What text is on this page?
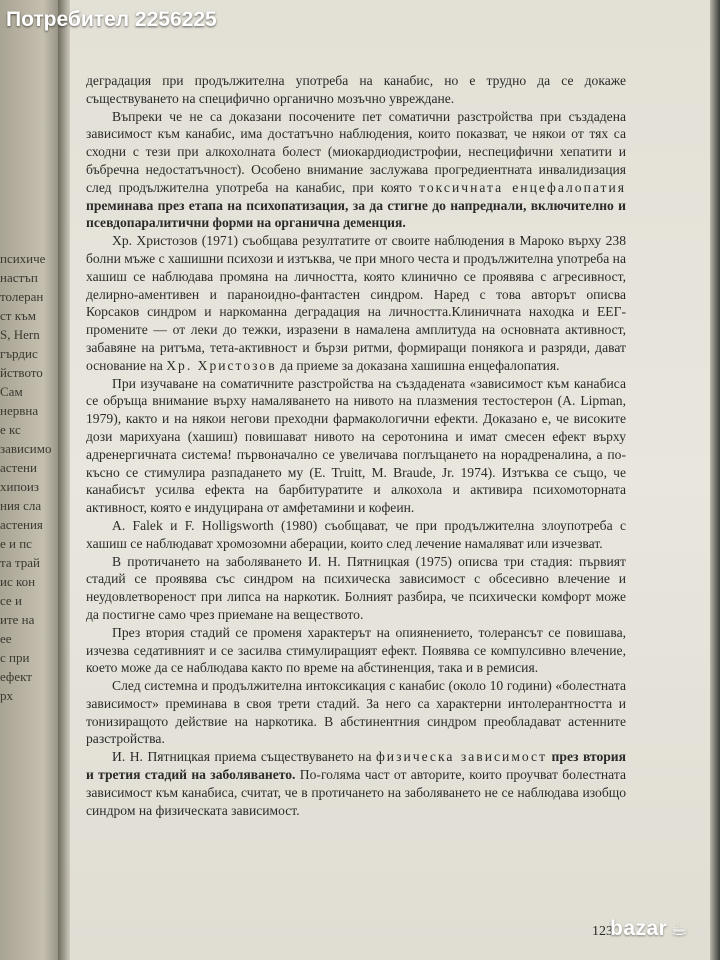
психиче
настъп
толеран
ст към
S, Hern
гърдис
йството
Сам
нервна
е кс
зависимо
астени
хипоиз
ния сла
астения
е и пс
та трай
ис кон
се и
ите на
ее
с при
ефект
рх
Потребител 2256225

деградация при продължителна употреба на канабис, но е трудно да се докаже съществуването на специфично органично мозъчно увреждане.

Въпреки че не са доказани посочените пет соматични разстройства при създадена зависимост към канабис, има достатъчно наблюдения, които показват, че някои от тях са сходни с тези при алкохолната болест (миокардиодистрофии, неспецифични хепатити и бъбречна недостатъчност). Особено внимание заслужава прогредиентната инвалидизация след продължителна употреба на канабис, при която токсичната енцефалопатия преминава през етапа на психопатизация, за да стигне до напреднали, включително и псевдопаралитични форми на органична деменция.

Хр. Христозов (1971) съобщава резултатите от своите наблюдения в Мароко върху 238 болни мъже с хашишни психози и изтъква, че при много честа и продължителна употреба на хашиш се наблюдава промяна на личността, която клинично се проявява с агресивност, делирно-аментивен и параноидно-фантастен синдром. Наред с това авторът описва Корсаков синдром и наркоманна деградация на личността.Клиничната находка и ЕЕГ-промените — от леки до тежки, изразени в намалена амплитуда на основната активност, забавяне на ритъма, тета-активност и бързи ритми, формиращи понякога и разряди, дават основание на Хр. Христозов да приеме за доказана хашишна енцефалопатия.

При изучаване на соматичните разстройства на създадената «зависимост към канабиса се обръща внимание върху намаляването на нивото на плазмения тестостерон (A. Lipman, 1979), както и на някои негови преходни фармакологични ефекти. Доказано е, че високите дози марихуана (хашиш) повишават нивото на серотонина и имат смесен ефект върху адренергичната система! първоначално се увеличава поглъщането на норадреналина, а по-късно се стимулира разпадането му (E. Truitt, M. Braude, Jr. 1974). Изтъква се също, че канабисът усилва ефекта на барбитуратите и алкохола и активира психомоторната активност, която е индуцирана от амфетамини и кофеин.

A. Falek и F. Holligsworth (1980) съобщават, че при продължителна злоупотреба с хашиш се наблюдават хромозомни аберации, които след лечение намаляват или изчезват.

В протичането на заболяването И. Н. Пятницкая (1975) описва три стадия: първият стадий се проявява със синдром на психическа зависимост с обсесивно влечение и неудовлетвореност при липса на наркотик. Болният разбира, че психически комфорт може да постигне само чрез приемане на веществото.

През втория стадий се променя характерът на опиянението, толерансът се повишава, изчезва седативният и се засилва стимулиращият ефект. Появява се компулсивно влечение, което може да се наблюдава както по време на абстиненция, така и в ремисия.

След системна и продължителна интоксикация с канабис (около 10 години) «болестната зависимост» преминава в своя трети стадий. За него са характерни интолерантността и тонизиращото действие на наркотика. В абстинентния синдром преобладават астенните разстройства.

И. Н. Пятницкая приема съществуването на физическа зависимост през втория и третия стадий на заболяването. По-голяма част от авторите, които проучват болестната зависимост към канабиса, считат, че в протичането на заболяването не се наблюдава изобщо синдром на физическата зависимост.

123
bazar ☕
